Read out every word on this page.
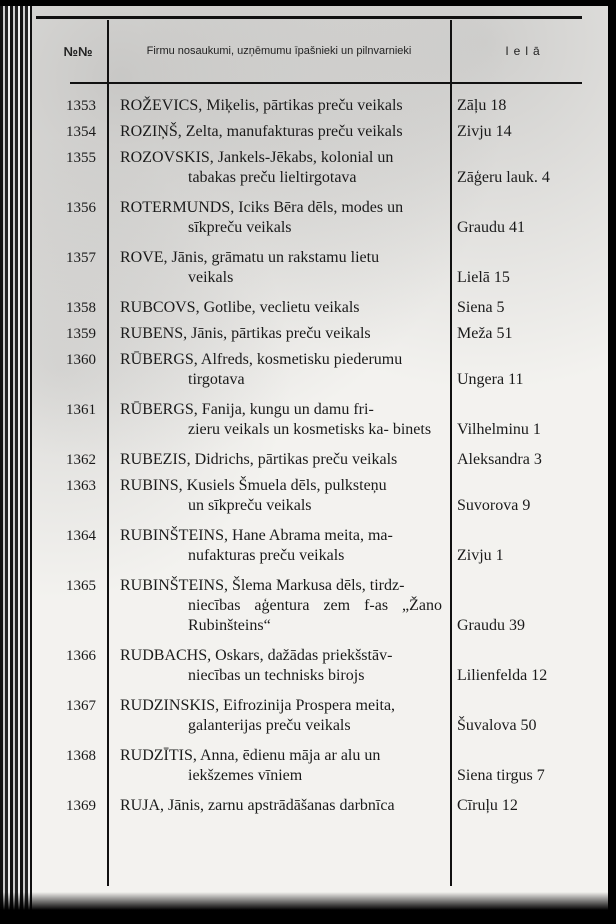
№№	Firmu nosaukumi, uzņēmumu īpašnieki un pilnvarnieki	Ielā
1353 ROŽEVICS, Miķelis, pārtikas preču veikals	Zāļu 18
1354 ROZIŅŠ, Zelta, manufakturas preču veikals	Zivju 14
1355 ROZOVSKIS, Jankels-Jēkabs, kolonial un
tabakas preču lieltirgotava	Zāģeru lauk. 4
1356 ROTERMUNDS, Iciks Bēra dēls, modes un
sīkpreču veikals	Graudu 41
1357 ROVE, Jānis, grāmatu un rakstamu lietu
veikals	Lielā 15
1358 RUBCOVS, Gotlibe, veclietu veikals	Siena 5
1359 RUBENS, Jānis, pārtikas preču veikals	Meža 51
1360 RŪBERGS, Alfreds, kosmetisku piederumu
tirgotava	Ungera 11
1361 RŪBERGS, Fanija, kungu un damu fri-
zieru veikals un kosmetisks ka- binets	Vilhelminu 1
1362 RUBEZIS, Didrichs, pārtikas preču veikals	Aleksandra 3
1363 RUBINS, Kusiels Šmuela dēls, pulksteņu
un sīkpreču veikals	Suvorova 9
1364 RUBINŠTEINS, Hane Abrama meita, ma-
nufakturas preču veikals	Zivju 1
1365 RUBINŠTEINS, Šlema Markusa dēls, tirdz-
niecības aģentura zem f-as „Žano Rubinšteins“	Graudu 39
1366 RUDBACHS, Oskars, dažādas priekšstāv-
niecības un technisks birojs	Lilienfelda 12
1367 RUDZINSKIS, Eifrozinija Prospera meita,
galanterijas preču veikals	Šuvalova 50
1368 RUDZĪTIS, Anna, ēdienu māja ar alu un
iekšzemes vīniem	Siena tirgus 7
1369 RUJA, Jānis, zarnu apstrādāšanas darbnīca	Cīruļu 12
